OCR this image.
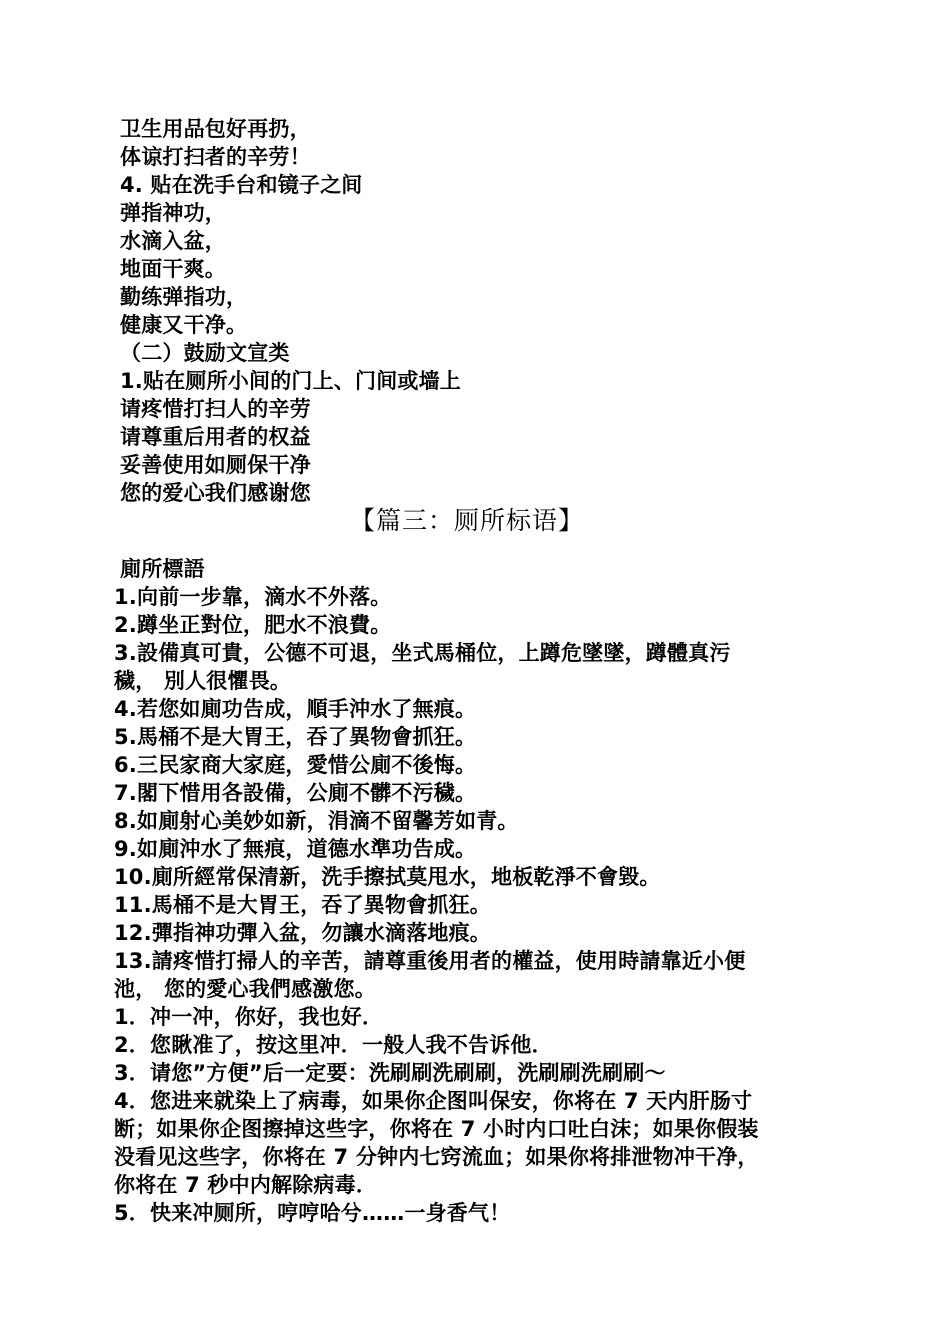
卫生用品包好再扔，
体谅打扫者的辛劳！
4. 贴在洗手台和镜子之间
弹指神功，
水滴入盆，
地面干爽。
勤练弹指功，
健康又干净。
（二）鼓励文宣类
1.贴在厕所小间的门上、门间或墙上
请疼惜打扫人的辛劳
请尊重后用者的权益
妥善使用如厕保干净
您的爱心我们感谢您
【篇三：厕所标语】
廁所標語
1.向前一步靠，滴水不外落。
2.蹲坐正對位，肥水不浪費。
3.設備真可貴，公德不可退，坐式馬桶位，上蹲危墜墜，蹲體真污
穢， 別人很懼畏。
4.若您如廁功告成，順手沖水了無痕。
5.馬桶不是大胃王，吞了異物會抓狂。
6.三民家商大家庭，愛惜公廁不後悔。
7.閣下惜用各設備，公廁不髒不污穢。
8.如廁射心美妙如新，涓滴不留馨芳如青。
9.如廁沖水了無痕，道德水準功告成。
10.廁所經常保清新，洗手擦拭莫甩水，地板乾淨不會毀。
11.馬桶不是大胃王，吞了異物會抓狂。
12.彈指神功彈入盆，勿讓水滴落地痕。
13.請疼惜打掃人的辛苦，請尊重後用者的權益，使用時請靠近小便
池， 您的愛心我們感激您。
1．冲一冲，你好，我也好．
2．您瞅准了，按这里冲．一般人我不告诉他．
3．请您”方便”后一定要：洗刷刷洗刷刷，洗刷刷洗刷刷～
4．您进来就染上了病毒，如果你企图叫保安，你将在 7 天内肝肠寸
断；如果你企图擦掉这些字，你将在 7 小时内口吐白沫；如果你假装
没看见这些字，你将在 7 分钟内七窍流血；如果你将排泄物冲干净，
你将在 7 秒中内解除病毒．
5．快来冲厕所，哼哼哈兮……一身香气！
